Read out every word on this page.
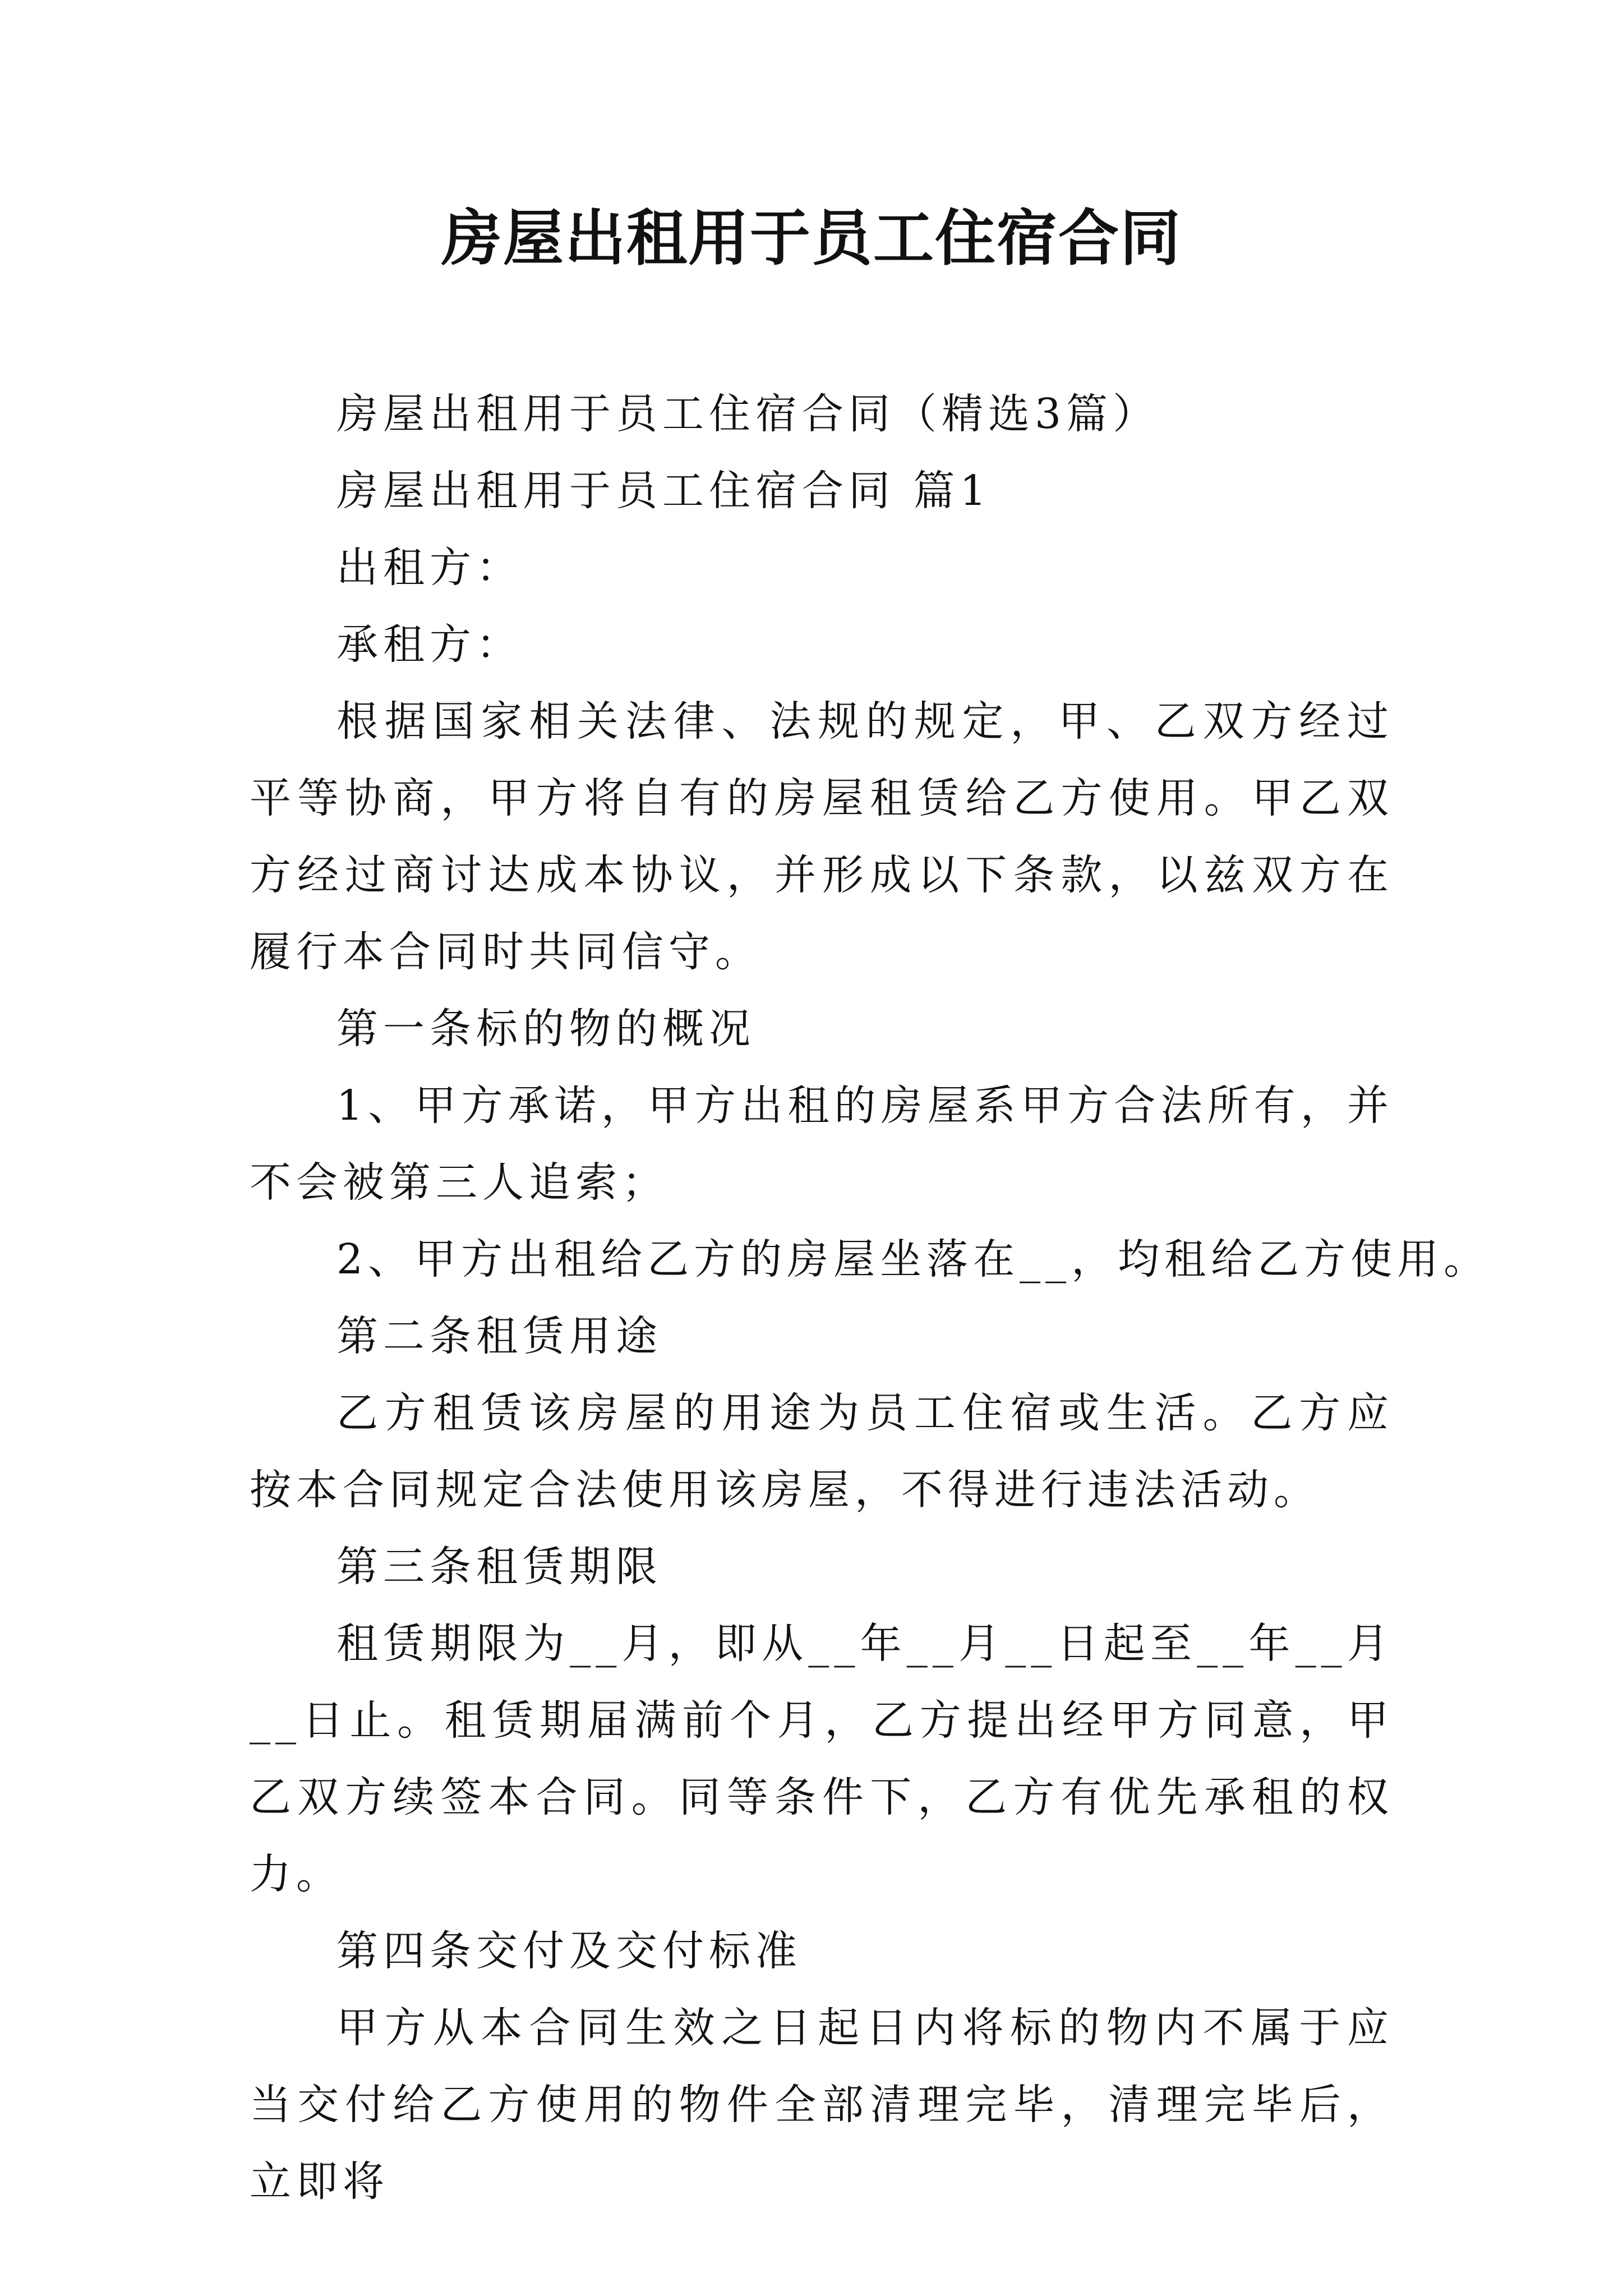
房屋出租用于员工住宿合同

房屋出租用于员工住宿合同（精选3篇）

房屋出租用于员工住宿合同 篇1

出租方：

承租方：

根据国家相关法律、法规的规定，甲、乙双方经过平等协商，甲方将自有的房屋租赁给乙方使用。甲乙双方经过商讨达成本协议，并形成以下条款，以兹双方在履行本合同时共同信守。

第一条标的物的概况

1、甲方承诺，甲方出租的房屋系甲方合法所有，并不会被第三人追索；

2、甲方出租给乙方的房屋坐落在__，均租给乙方使用。

第二条租赁用途

乙方租赁该房屋的用途为员工住宿或生活。乙方应按本合同规定合法使用该房屋，不得进行违法活动。

第三条租赁期限

租赁期限为__月，即从__年__月__日起至__年__月__日止。租赁期届满前个月，乙方提出经甲方同意，甲乙双方续签本合同。同等条件下，乙方有优先承租的权力。

第四条交付及交付标准

甲方从本合同生效之日起日内将标的物内不属于应当交付给乙方使用的物件全部清理完毕，清理完毕后，立即将
